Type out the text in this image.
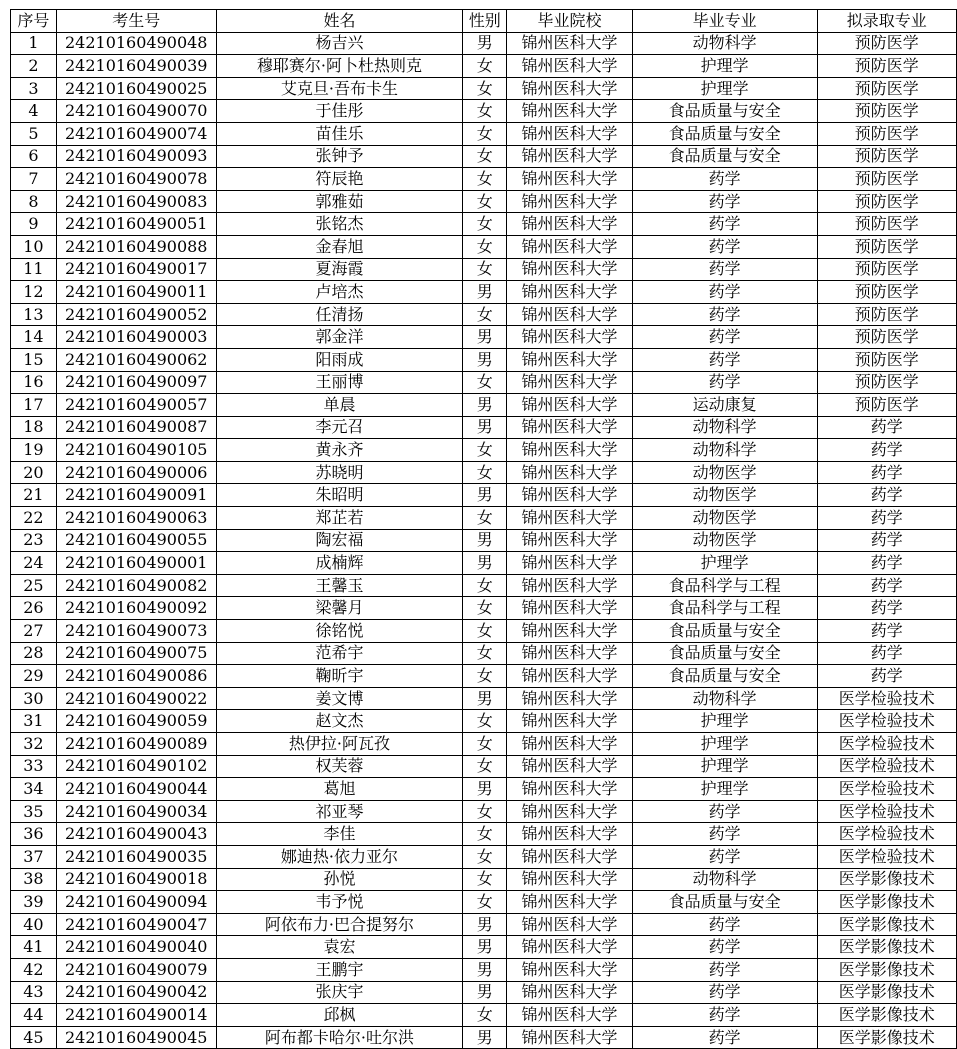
序号	考生号	姓名	性别	毕业院校	毕业专业	拟录取专业
1	24210160490048	杨吉兴	男	锦州医科大学	动物科学	预防医学
2	24210160490039	穆耶赛尔·阿卜杜热则克	女	锦州医科大学	护理学	预防医学
3	24210160490025	艾克旦·吾布卡生	女	锦州医科大学	护理学	预防医学
4	24210160490070	于佳彤	女	锦州医科大学	食品质量与安全	预防医学
5	24210160490074	苗佳乐	女	锦州医科大学	食品质量与安全	预防医学
6	24210160490093	张钟予	女	锦州医科大学	食品质量与安全	预防医学
7	24210160490078	符辰艳	女	锦州医科大学	药学	预防医学
8	24210160490083	郭雅茹	女	锦州医科大学	药学	预防医学
9	24210160490051	张铭杰	女	锦州医科大学	药学	预防医学
10	24210160490088	金春旭	女	锦州医科大学	药学	预防医学
11	24210160490017	夏海霞	女	锦州医科大学	药学	预防医学
12	24210160490011	卢培杰	男	锦州医科大学	药学	预防医学
13	24210160490052	任清扬	女	锦州医科大学	药学	预防医学
14	24210160490003	郭金洋	男	锦州医科大学	药学	预防医学
15	24210160490062	阳雨成	男	锦州医科大学	药学	预防医学
16	24210160490097	王丽博	女	锦州医科大学	药学	预防医学
17	24210160490057	单晨	男	锦州医科大学	运动康复	预防医学
18	24210160490087	李元召	男	锦州医科大学	动物科学	药学
19	24210160490105	黄永齐	女	锦州医科大学	动物科学	药学
20	24210160490006	苏晓明	女	锦州医科大学	动物医学	药学
21	24210160490091	朱昭明	男	锦州医科大学	动物医学	药学
22	24210160490063	郑芷若	女	锦州医科大学	动物医学	药学
23	24210160490055	陶宏福	男	锦州医科大学	动物医学	药学
24	24210160490001	成楠辉	男	锦州医科大学	护理学	药学
25	24210160490082	王馨玉	女	锦州医科大学	食品科学与工程	药学
26	24210160490092	梁馨月	女	锦州医科大学	食品科学与工程	药学
27	24210160490073	徐铭悦	女	锦州医科大学	食品质量与安全	药学
28	24210160490075	范希宇	女	锦州医科大学	食品质量与安全	药学
29	24210160490086	鞠昕宇	女	锦州医科大学	食品质量与安全	药学
30	24210160490022	姜文博	男	锦州医科大学	动物科学	医学检验技术
31	24210160490059	赵文杰	女	锦州医科大学	护理学	医学检验技术
32	24210160490089	热伊拉·阿瓦孜	女	锦州医科大学	护理学	医学检验技术
33	24210160490102	权芙蓉	女	锦州医科大学	护理学	医学检验技术
34	24210160490044	葛旭	男	锦州医科大学	护理学	医学检验技术
35	24210160490034	祁亚琴	女	锦州医科大学	药学	医学检验技术
36	24210160490043	李佳	女	锦州医科大学	药学	医学检验技术
37	24210160490035	娜迪热·依力亚尔	女	锦州医科大学	药学	医学检验技术
38	24210160490018	孙悦	女	锦州医科大学	动物科学	医学影像技术
39	24210160490094	韦予悦	女	锦州医科大学	食品质量与安全	医学影像技术
40	24210160490047	阿依布力·巴合提努尔	男	锦州医科大学	药学	医学影像技术
41	24210160490040	袁宏	男	锦州医科大学	药学	医学影像技术
42	24210160490079	王鹏宇	男	锦州医科大学	药学	医学影像技术
43	24210160490042	张庆宇	男	锦州医科大学	药学	医学影像技术
44	24210160490014	邱枫	女	锦州医科大学	药学	医学影像技术
45	24210160490045	阿布都卡哈尔·吐尔洪	男	锦州医科大学	药学	医学影像技术
